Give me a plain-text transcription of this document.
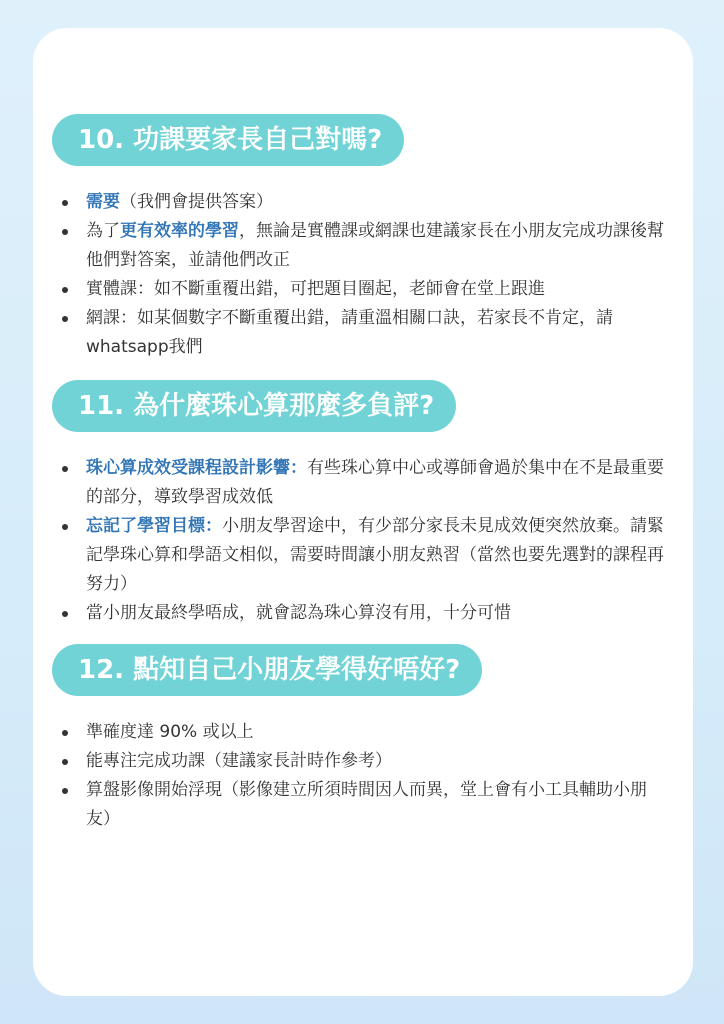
10. 功課要家長自己對嗎?
需要（我們會提供答案）
為了更有效率的學習，無論是實體課或網課也建議家長在小朋友完成功課後幫他們對答案，並請他們改正
實體課：如不斷重覆出錯，可把題目圈起，老師會在堂上跟進
網課：如某個數字不斷重覆出錯，請重溫相關口訣，若家長不肯定，請whatsapp我們
11. 為什麼珠心算那麼多負評?
珠心算成效受課程設計影響：有些珠心算中心或導師會過於集中在不是最重要的部分，導致學習成效低
忘記了學習目標：小朋友學習途中，有少部分家長未見成效便突然放棄。請緊記學珠心算和學語文相似，需要時間讓小朋友熟習（當然也要先選對的課程再努力）
當小朋友最終學唔成，就會認為珠心算沒有用，十分可惜
12. 點知自己小朋友學得好唔好?
準確度達 90% 或以上
能專注完成功課（建議家長計時作參考）
算盤影像開始浮現（影像建立所須時間因人而異，堂上會有小工具輔助小朋友）
